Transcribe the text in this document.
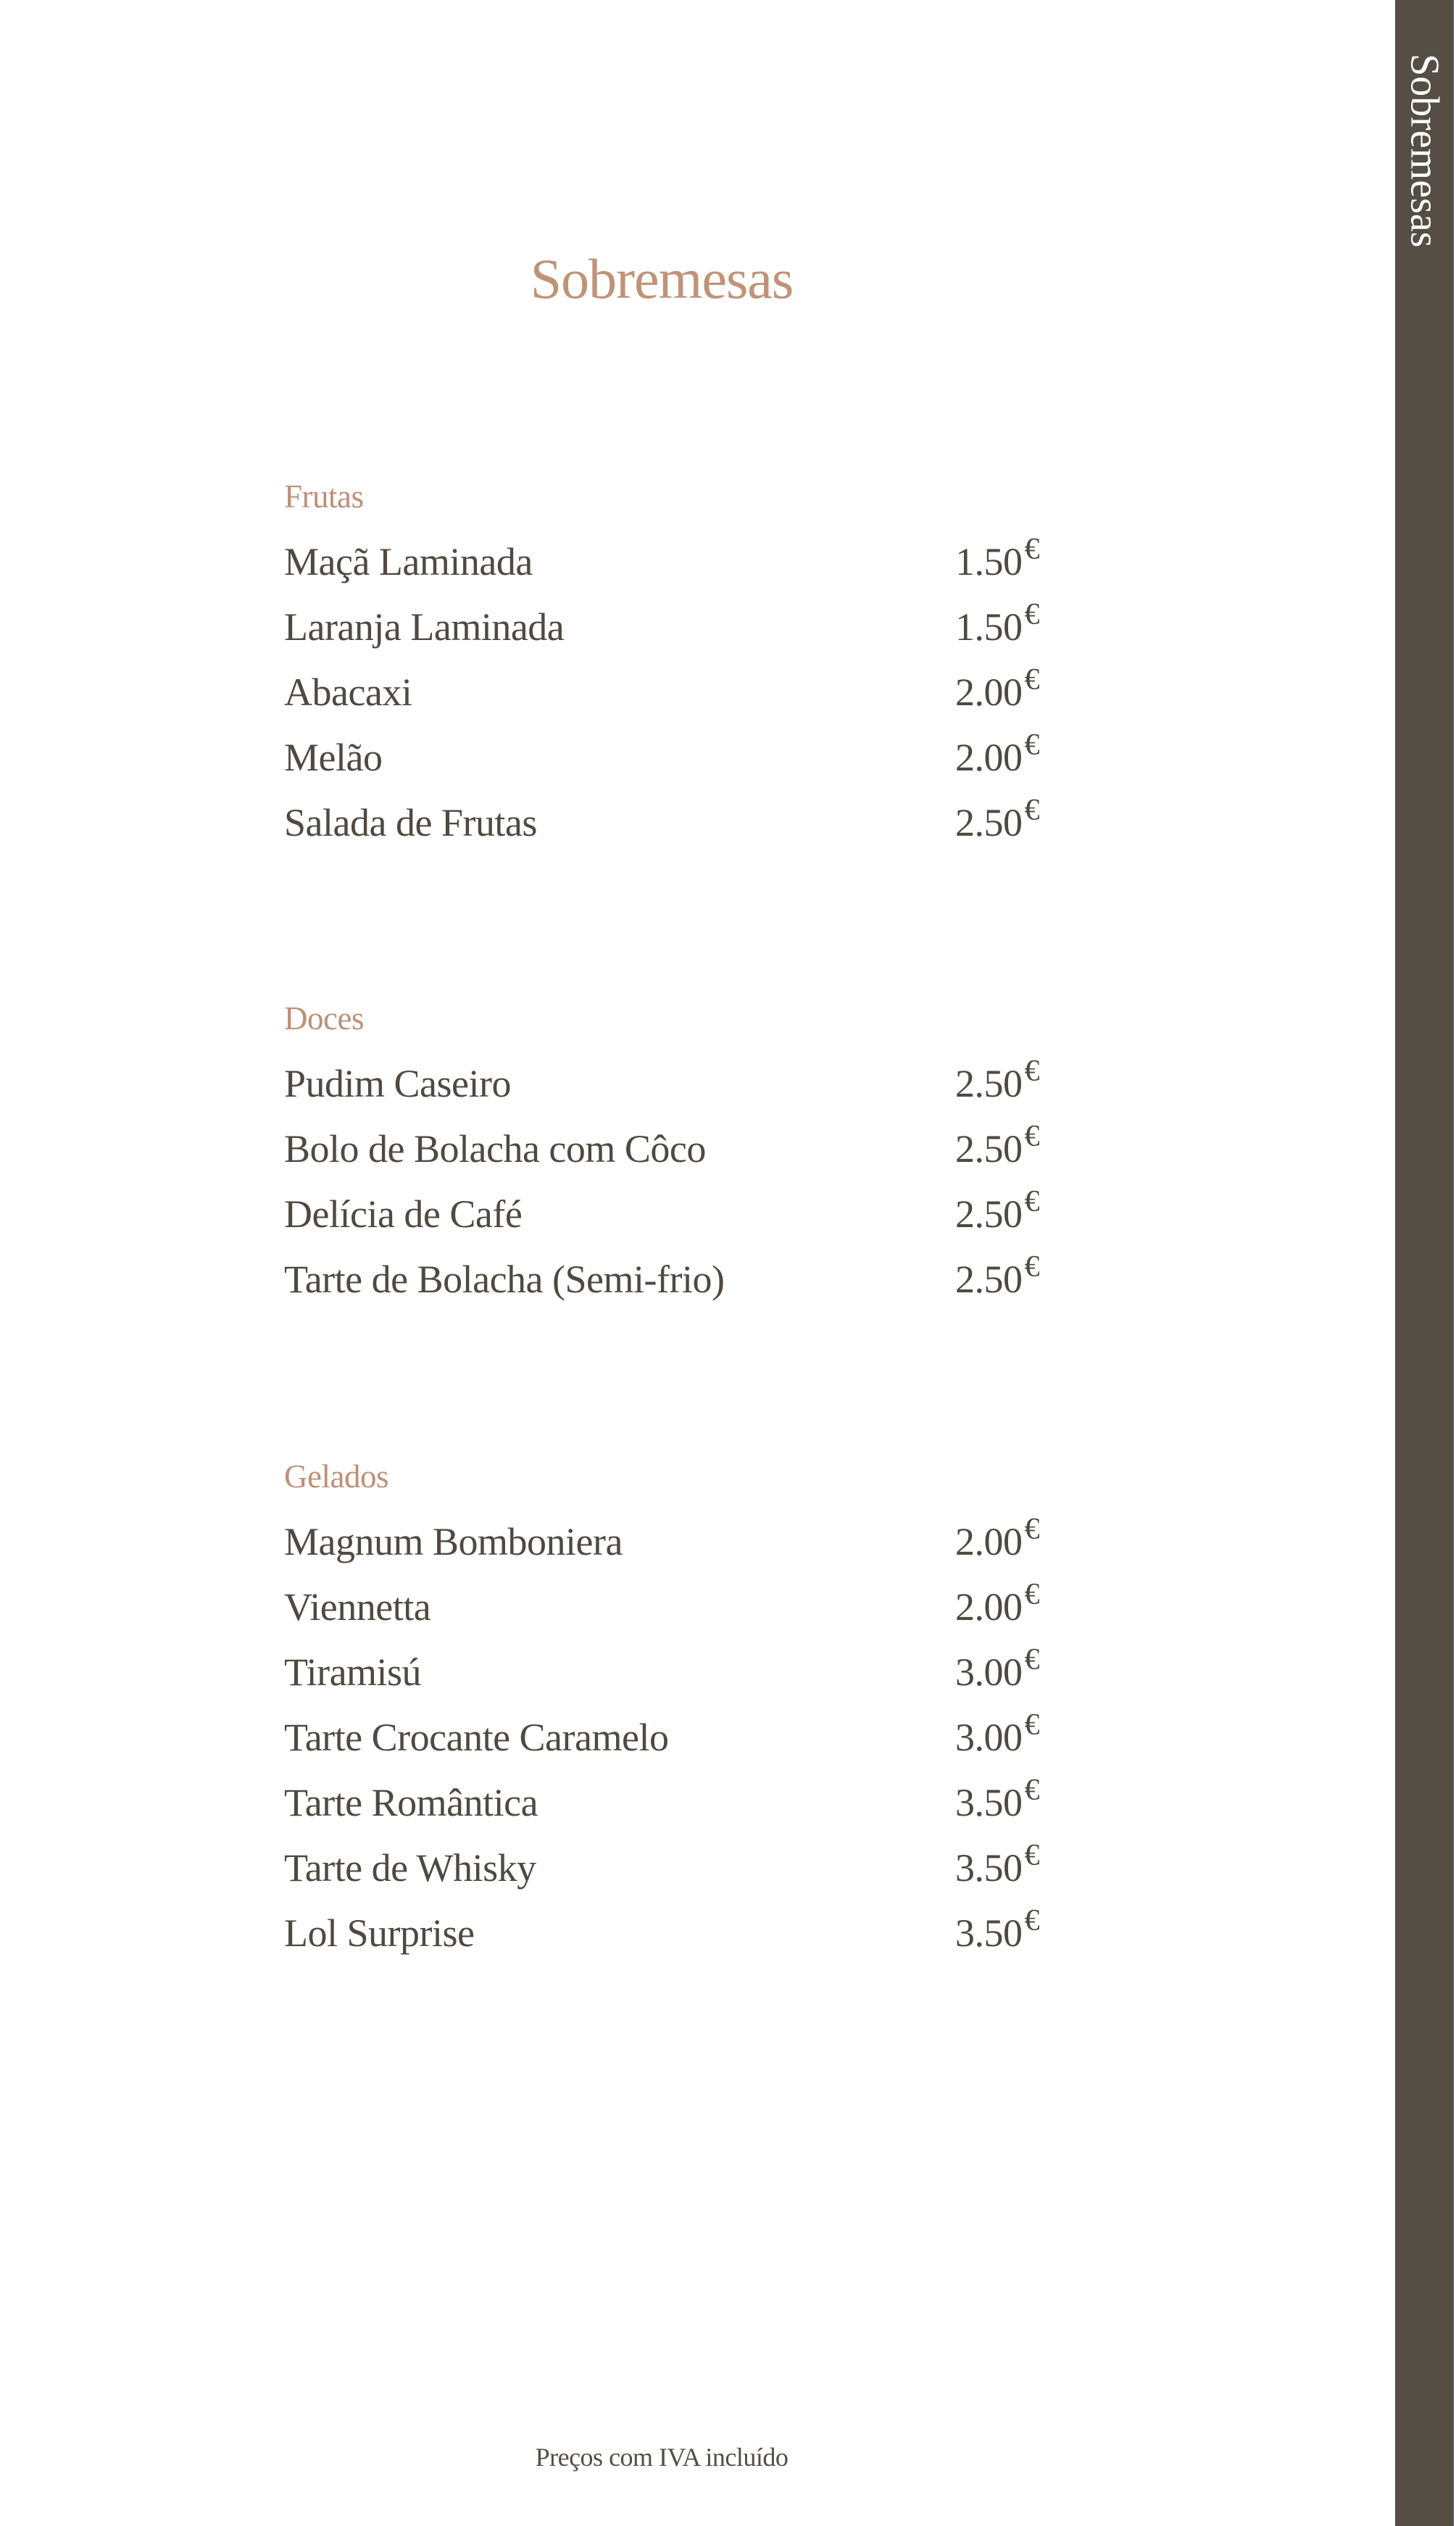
Sobremesas
Frutas
Maçã Laminada	1.50€
Laranja Laminada	1.50€
Abacaxi	2.00€
Melão	2.00€
Salada de Frutas	2.50€
Doces
Pudim Caseiro	2.50€
Bolo de Bolacha com Côco	2.50€
Delícia de Café	2.50€
Tarte de Bolacha (Semi-frio)	2.50€
Gelados
Magnum Bomboniera	2.00€
Viennetta	2.00€
Tiramisú	3.00€
Tarte Crocante Caramelo	3.00€
Tarte Romântica	3.50€
Tarte de Whisky	3.50€
Lol Surprise	3.50€
Preços com IVA incluído
Sobremesas
